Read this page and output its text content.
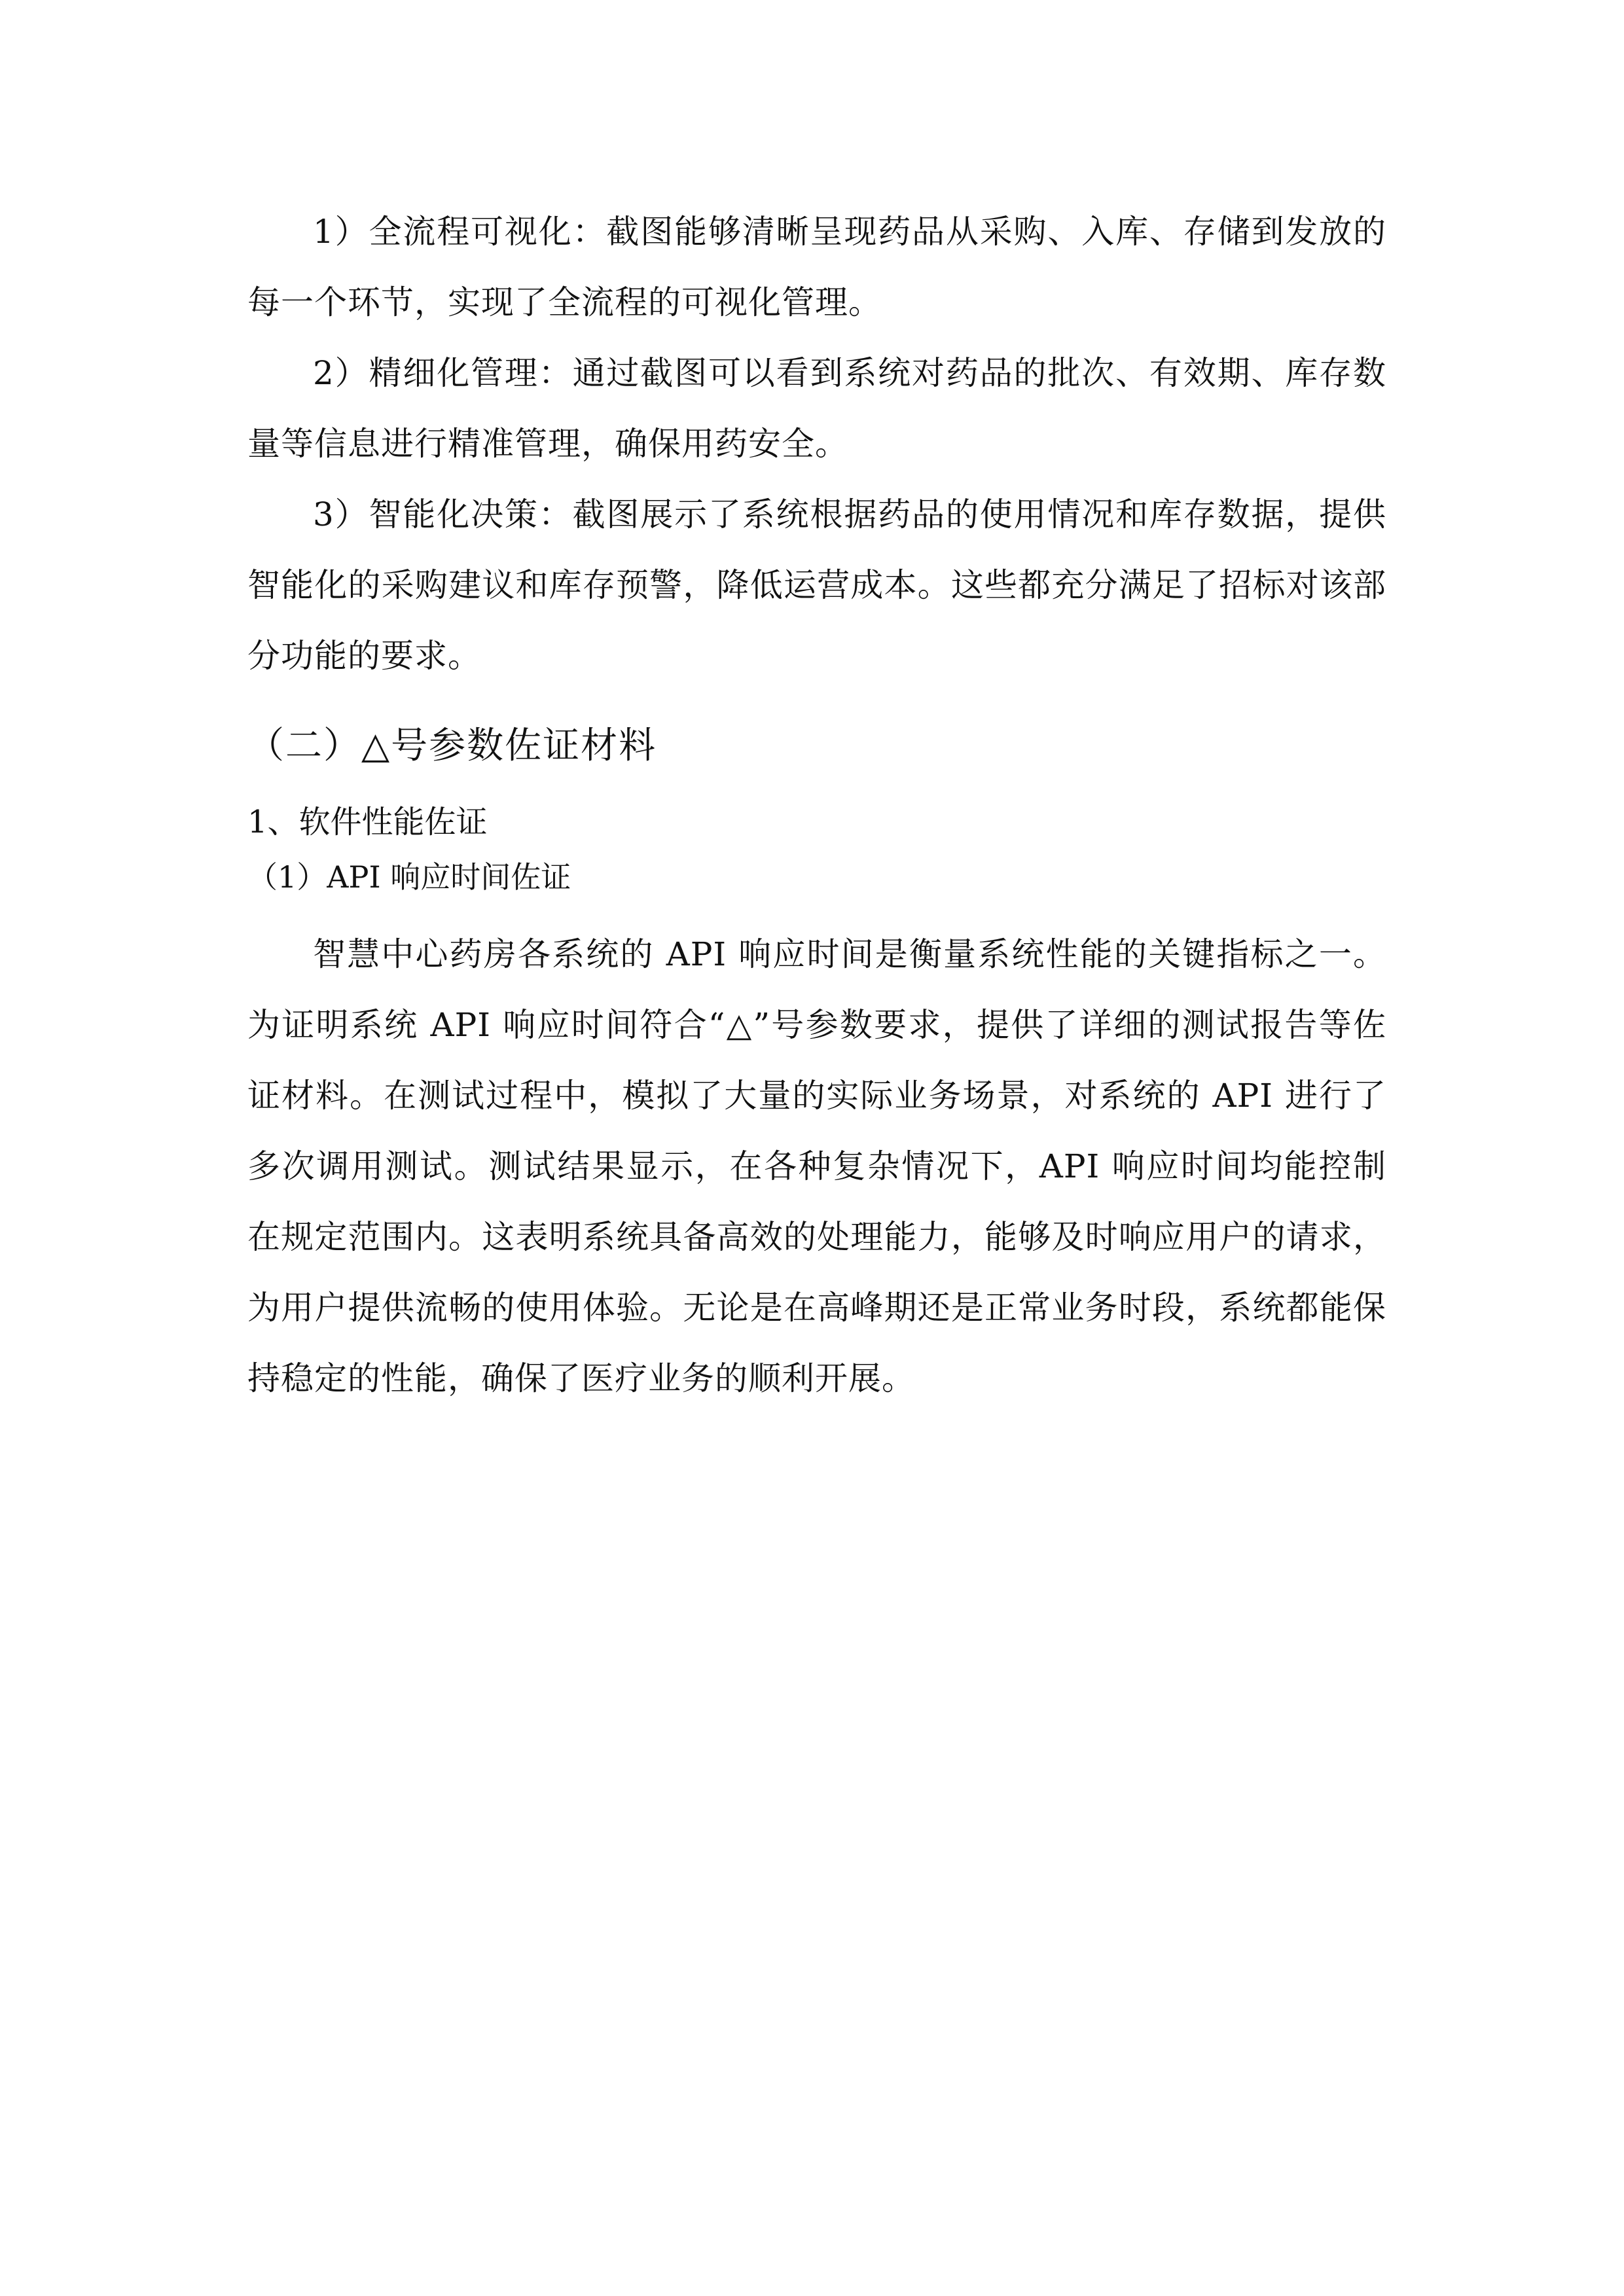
1）全流程可视化：截图能够清晰呈现药品从采购、入库、存储到发放的每一个环节，实现了全流程的可视化管理。

2）精细化管理：通过截图可以看到系统对药品的批次、有效期、库存数量等信息进行精准管理，确保用药安全。

3）智能化决策：截图展示了系统根据药品的使用情况和库存数据，提供智能化的采购建议和库存预警，降低运营成本。这些都充分满足了招标对该部分功能的要求。

（二）△号参数佐证材料
1、软件性能佐证
（1）API 响应时间佐证

智慧中心药房各系统的 API 响应时间是衡量系统性能的关键指标之一。为证明系统 API 响应时间符合“△”号参数要求，提供了详细的测试报告等佐证材料。在测试过程中，模拟了大量的实际业务场景，对系统的 API 进行了多次调用测试。测试结果显示，在各种复杂情况下，API 响应时间均能控制在规定范围内。这表明系统具备高效的处理能力，能够及时响应用户的请求，为用户提供流畅的使用体验。无论是在高峰期还是正常业务时段，系统都能保持稳定的性能，确保了医疗业务的顺利开展。
